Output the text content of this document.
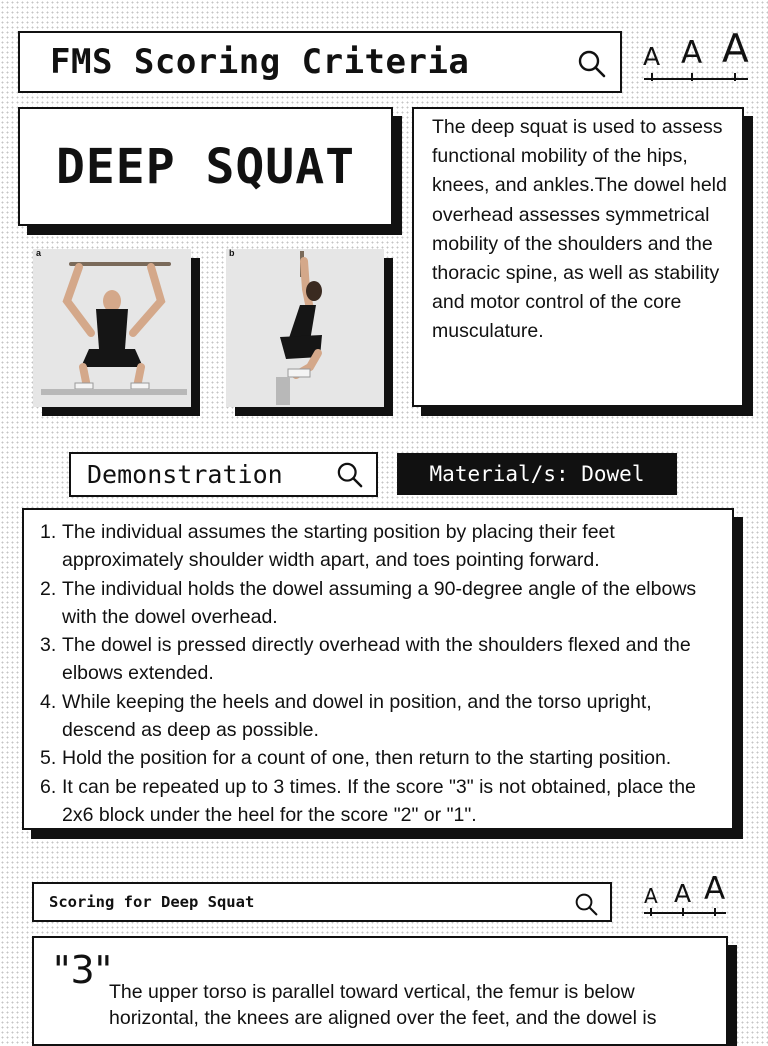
FMS Scoring Criteria	A A A
DEEP SQUAT

The deep squat is used to assess functional mobility of the hips, knees, and ankles.The dowel held overhead assesses symmetrical mobility of the shoulders and the thoracic spine, as well as stability and motor control of the core musculature.

a	b
Demonstration	Material/s: Dowel
1. The individual assumes the starting position by placing their feet approximately shoulder width apart, and toes pointing forward.
2. The individual holds the dowel assuming a 90-degree angle of the elbows with the dowel overhead.
3. The dowel is pressed directly overhead with the shoulders flexed and the elbows extended.
4. While keeping the heels and dowel in position, and the torso upright, descend as deep as possible.
5. Hold the position for a count of one, then return to the starting position.
6. It can be repeated up to 3 times. If the score "3" is not obtained, place the 2x6 block under the heel for the score "2" or "1".
Scoring for Deep Squat	A A A
"3"

The upper torso is parallel toward vertical, the femur is below horizontal, the knees are aligned over the feet, and the dowel is
